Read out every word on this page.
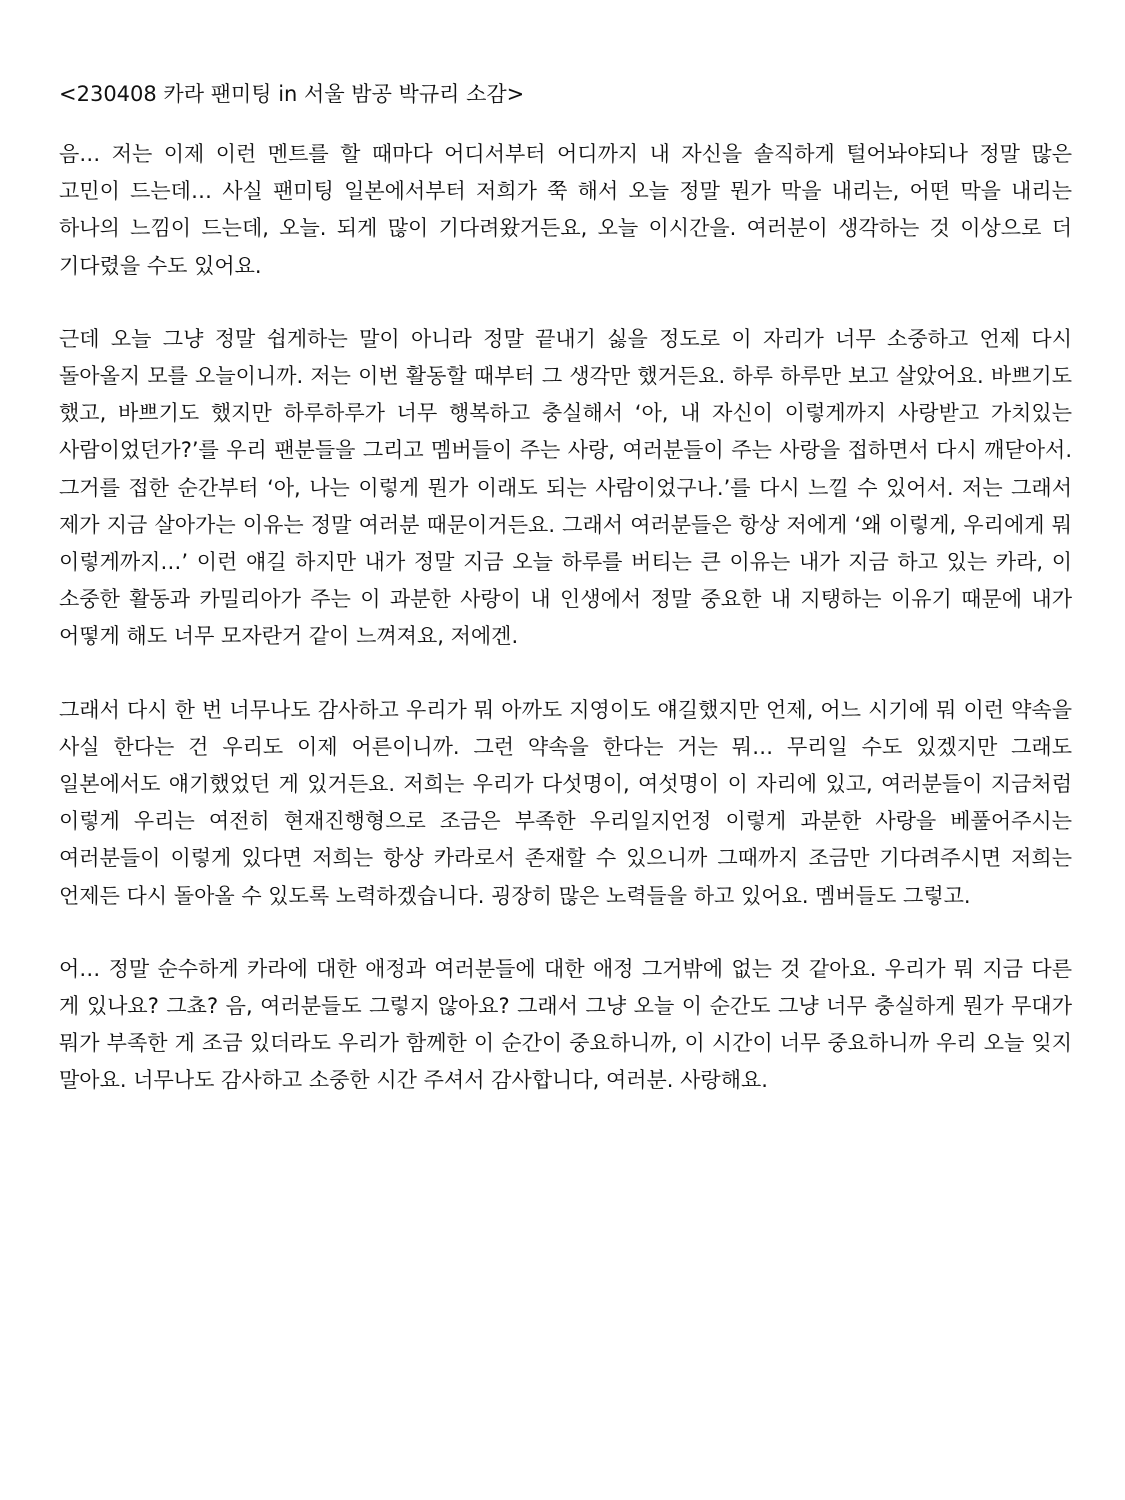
<230408 카라 팬미팅 in 서울 밤공 박규리 소감>

음… 저는 이제 이런 멘트를 할 때마다 어디서부터 어디까지 내 자신을 솔직하게 털어놔야되나 정말 많은 고민이 드는데… 사실 팬미팅 일본에서부터 저희가 쭉 해서 오늘 정말 뭔가 막을 내리는, 어떤 막을 내리는 하나의 느낌이 드는데, 오늘. 되게 많이 기다려왔거든요, 오늘 이시간을. 여러분이 생각하는 것 이상으로 더 기다렸을 수도 있어요.

근데 오늘 그냥 정말 쉽게하는 말이 아니라 정말 끝내기 싫을 정도로 이 자리가 너무 소중하고 언제 다시 돌아올지 모를 오늘이니까. 저는 이번 활동할 때부터 그 생각만 했거든요. 하루 하루만 보고 살았어요. 바쁘기도 했고, 바쁘기도 했지만 하루하루가 너무 행복하고 충실해서 ‘아, 내 자신이 이렇게까지 사랑받고 가치있는 사람이었던가?’를 우리 팬분들을 그리고 멤버들이 주는 사랑, 여러분들이 주는 사랑을 접하면서 다시 깨닫아서. 그거를 접한 순간부터 ‘아, 나는 이렇게 뭔가 이래도 되는 사람이었구나.’를 다시 느낄 수 있어서. 저는 그래서 제가 지금 살아가는 이유는 정말 여러분 때문이거든요. 그래서 여러분들은 항상 저에게 ‘왜 이렇게, 우리에게 뭐 이렇게까지…’ 이런 얘길 하지만 내가 정말 지금 오늘 하루를 버티는 큰 이유는 내가 지금 하고 있는 카라, 이 소중한 활동과 카밀리아가 주는 이 과분한 사랑이 내 인생에서 정말 중요한 내 지탱하는 이유기 때문에 내가 어떻게 해도 너무 모자란거 같이 느껴져요, 저에겐.

그래서 다시 한 번 너무나도 감사하고 우리가 뭐 아까도 지영이도 얘길했지만 언제, 어느 시기에 뭐 이런 약속을 사실 한다는 건 우리도 이제 어른이니까. 그런 약속을 한다는 거는 뭐… 무리일 수도 있겠지만 그래도 일본에서도 얘기했었던 게 있거든요. 저희는 우리가 다섯명이, 여섯명이 이 자리에 있고, 여러분들이 지금처럼 이렇게 우리는 여전히 현재진행형으로 조금은 부족한 우리일지언정 이렇게 과분한 사랑을 베풀어주시는 여러분들이 이렇게 있다면 저희는 항상 카라로서 존재할 수 있으니까 그때까지 조금만 기다려주시면 저희는 언제든 다시 돌아올 수 있도록 노력하겠습니다. 굉장히 많은 노력들을 하고 있어요. 멤버들도 그렇고.

어… 정말 순수하게 카라에 대한 애정과 여러분들에 대한 애정 그거밖에 없는 것 같아요. 우리가 뭐 지금 다른 게 있나요? 그쵸? 음, 여러분들도 그렇지 않아요? 그래서 그냥 오늘 이 순간도 그냥 너무 충실하게 뭔가 무대가 뭐가 부족한 게 조금 있더라도 우리가 함께한 이 순간이 중요하니까, 이 시간이 너무 중요하니까 우리 오늘 잊지 말아요. 너무나도 감사하고 소중한 시간 주셔서 감사합니다, 여러분. 사랑해요.
